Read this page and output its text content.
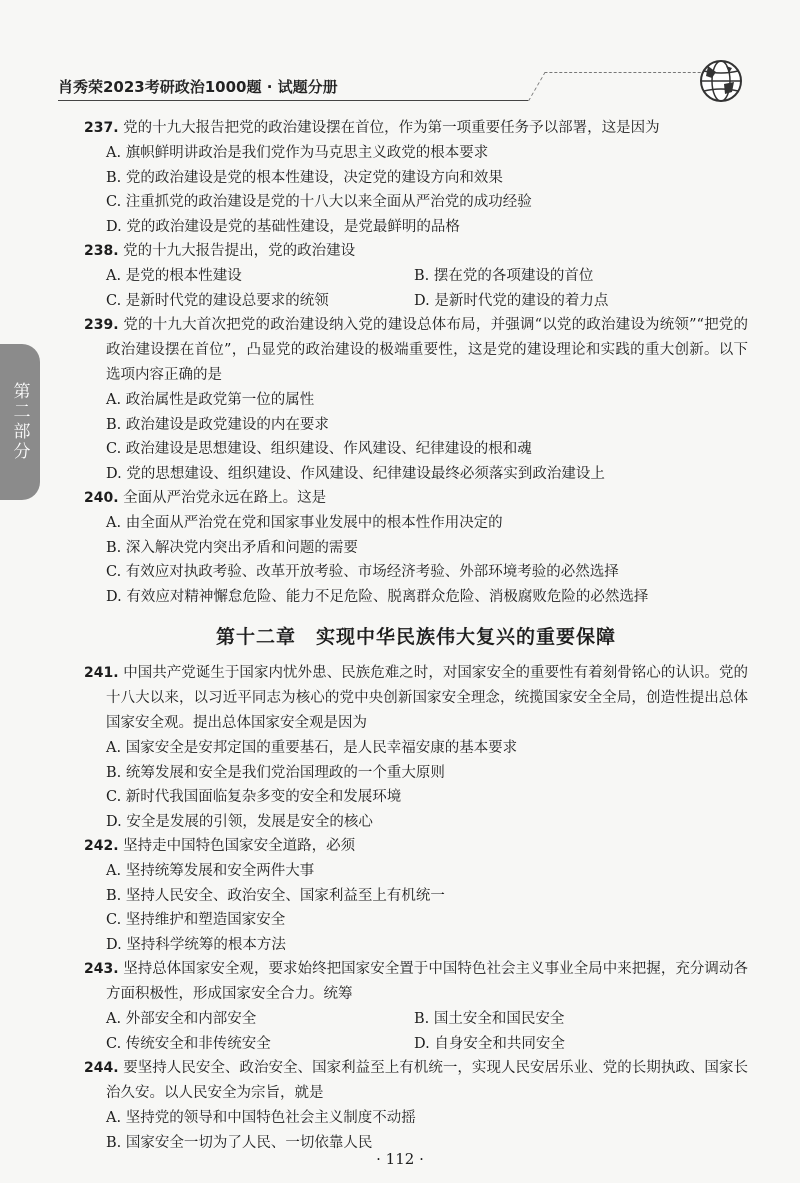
肖秀荣2023考研政治1000题 · 试题分册
第二部分
237. 党的十九大报告把党的政治建设摆在首位，作为第一项重要任务予以部署，这是因为
A. 旗帜鲜明讲政治是我们党作为马克思主义政党的根本要求
B. 党的政治建设是党的根本性建设，决定党的建设方向和效果
C. 注重抓党的政治建设是党的十八大以来全面从严治党的成功经验
D. 党的政治建设是党的基础性建设，是党最鲜明的品格
238. 党的十九大报告提出，党的政治建设
A. 是党的根本性建设	B. 摆在党的各项建设的首位
C. 是新时代党的建设总要求的统领	D. 是新时代党的建设的着力点
239. 党的十九大首次把党的政治建设纳入党的建设总体布局，并强调“以党的政治建设为统领”“把党的政治建设摆在首位”，凸显党的政治建设的极端重要性，这是党的建设理论和实践的重大创新。以下选项内容正确的是
A. 政治属性是政党第一位的属性
B. 政治建设是政党建设的内在要求
C. 政治建设是思想建设、组织建设、作风建设、纪律建设的根和魂
D. 党的思想建设、组织建设、作风建设、纪律建设最终必须落实到政治建设上
240. 全面从严治党永远在路上。这是
A. 由全面从严治党在党和国家事业发展中的根本性作用决定的
B. 深入解决党内突出矛盾和问题的需要
C. 有效应对执政考验、改革开放考验、市场经济考验、外部环境考验的必然选择
D. 有效应对精神懈怠危险、能力不足危险、脱离群众危险、消极腐败危险的必然选择
第十二章　实现中华民族伟大复兴的重要保障
241. 中国共产党诞生于国家内忧外患、民族危难之时，对国家安全的重要性有着刻骨铭心的认识。党的十八大以来，以习近平同志为核心的党中央创新国家安全理念，统揽国家安全全局，创造性提出总体国家安全观。提出总体国家安全观是因为
A. 国家安全是安邦定国的重要基石，是人民幸福安康的基本要求
B. 统筹发展和安全是我们党治国理政的一个重大原则
C. 新时代我国面临复杂多变的安全和发展环境
D. 安全是发展的引领，发展是安全的核心
242. 坚持走中国特色国家安全道路，必须
A. 坚持统筹发展和安全两件大事
B. 坚持人民安全、政治安全、国家利益至上有机统一
C. 坚持维护和塑造国家安全
D. 坚持科学统筹的根本方法
243. 坚持总体国家安全观，要求始终把国家安全置于中国特色社会主义事业全局中来把握，充分调动各方面积极性，形成国家安全合力。统筹
A. 外部安全和内部安全	B. 国土安全和国民安全
C. 传统安全和非传统安全	D. 自身安全和共同安全
244. 要坚持人民安全、政治安全、国家利益至上有机统一，实现人民安居乐业、党的长期执政、国家长治久安。以人民安全为宗旨，就是
A. 坚持党的领导和中国特色社会主义制度不动摇
B. 国家安全一切为了人民、一切依靠人民
· 112 ·
